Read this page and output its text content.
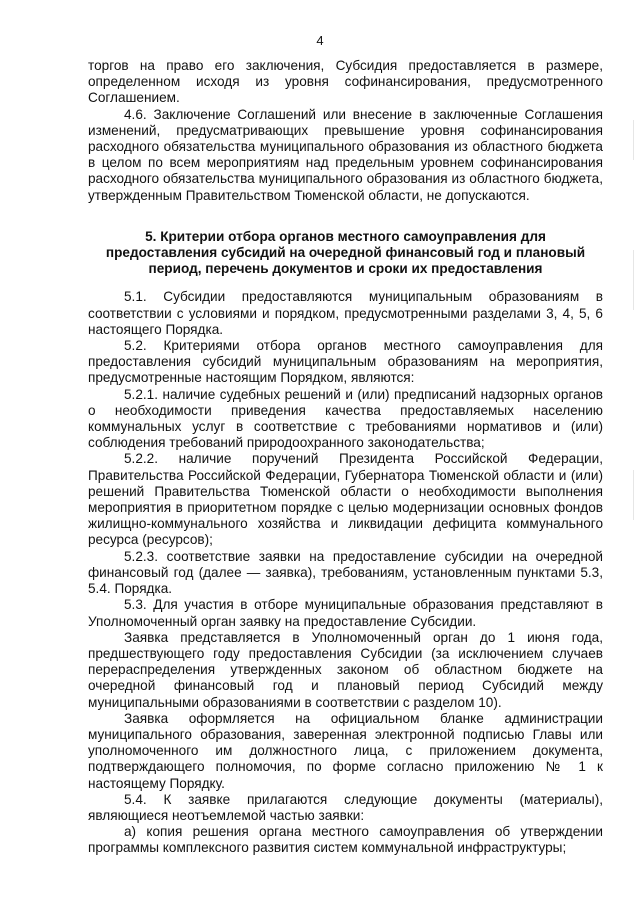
4

торгов на право его заключения, Субсидия предоставляется в размере, определенном исходя из уровня софинансирования, предусмотренного Соглашением.

4.6. Заключение Соглашений или внесение в заключенные Соглашения изменений, предусматривающих превышение уровня софинансирования расходного обязательства муниципального образования из областного бюджета в целом по всем мероприятиям над предельным уровнем софинансирования расходного обязательства муниципального образования из областного бюджета, утвержденным Правительством Тюменской области, не допускаются.

5. Критерии отбора органов местного самоуправления для предоставления субсидий на очередной финансовый год и плановый период, перечень документов и сроки их предоставления

5.1. Субсидии предоставляются муниципальным образованиям в соответствии с условиями и порядком, предусмотренными разделами 3, 4, 5, 6 настоящего Порядка.

5.2. Критериями отбора органов местного самоуправления для предоставления субсидий муниципальным образованиям на мероприятия, предусмотренные настоящим Порядком, являются:

5.2.1. наличие судебных решений и (или) предписаний надзорных органов о необходимости приведения качества предоставляемых населению коммунальных услуг в соответствие с требованиями нормативов и (или) соблюдения требований природоохранного законодательства;

5.2.2. наличие поручений Президента Российской Федерации, Правительства Российской Федерации, Губернатора Тюменской области и (или) решений Правительства Тюменской области о необходимости выполнения мероприятия в приоритетном порядке с целью модернизации основных фондов жилищно-коммунального хозяйства и ликвидации дефицита коммунального ресурса (ресурсов);

5.2.3. соответствие заявки на предоставление субсидии на очередной финансовый год (далее — заявка), требованиям, установленным пунктами 5.3, 5.4. Порядка.

5.3. Для участия в отборе муниципальные образования представляют в Уполномоченный орган заявку на предоставление Субсидии.

Заявка представляется в Уполномоченный орган до 1 июня года, предшествующего году предоставления Субсидии (за исключением случаев перераспределения утвержденных законом об областном бюджете на очередной финансовый год и плановый период Субсидий между муниципальными образованиями в соответствии с разделом 10).

Заявка оформляется на официальном бланке администрации муниципального образования, заверенная электронной подписью Главы или уполномоченного им должностного лица, с приложением документа, подтверждающего полномочия, по форме согласно приложению № 1 к настоящему Порядку.

5.4. К заявке прилагаются следующие документы (материалы), являющиеся неотъемлемой частью заявки:

а) копия решения органа местного самоуправления об утверждении программы комплексного развития систем коммунальной инфраструктуры;
